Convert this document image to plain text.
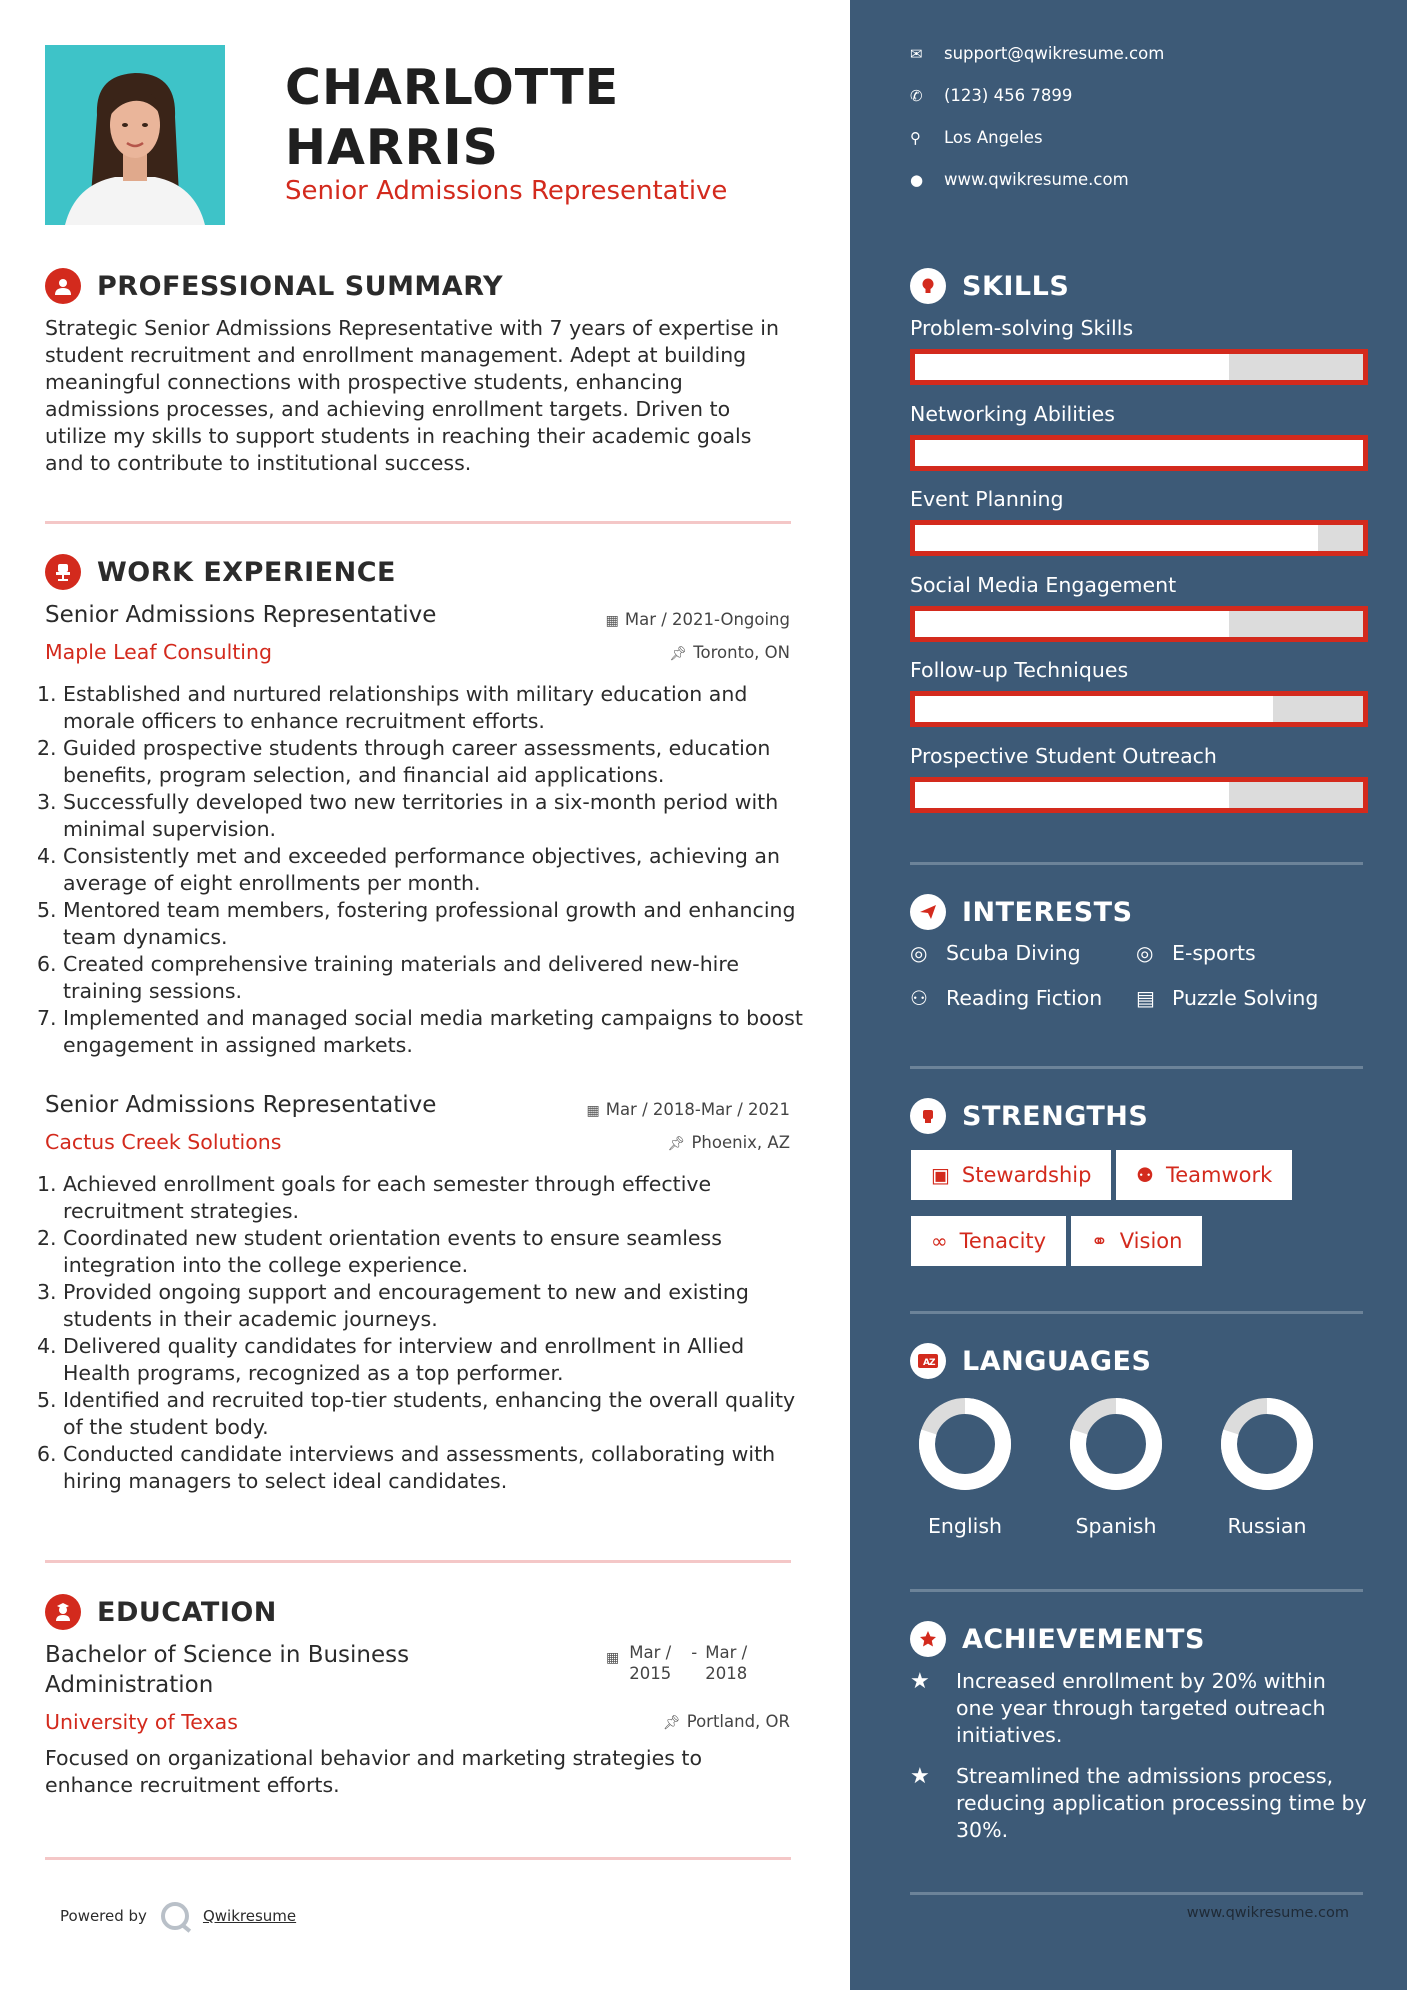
CHARLOTTE
HARRIS
Senior Admissions Representative
PROFESSIONAL SUMMARY
Strategic Senior Admissions Representative with 7 years of expertise in student recruitment and enrollment management. Adept at building meaningful connections with prospective students, enhancing admissions processes, and achieving enrollment targets. Driven to utilize my skills to support students in reaching their academic goals and to contribute to institutional success.
WORK EXPERIENCE
Senior Admissions Representative	▦ Mar / 2021-Ongoing
Maple Leaf Consulting	📌︎ Toronto, ON
1. Established and nurtured relationships with military education and morale officers to enhance recruitment efforts.
2. Guided prospective students through career assessments, education benefits, program selection, and financial aid applications.
3. Successfully developed two new territories in a six-month period with minimal supervision.
4. Consistently met and exceeded performance objectives, achieving an average of eight enrollments per month.
5. Mentored team members, fostering professional growth and enhancing team dynamics.
6. Created comprehensive training materials and delivered new-hire training sessions.
7. Implemented and managed social media marketing campaigns to boost engagement in assigned markets.
Senior Admissions Representative	▦ Mar / 2018-Mar / 2021
Cactus Creek Solutions	📌︎ Phoenix, AZ
1. Achieved enrollment goals for each semester through effective recruitment strategies.
2. Coordinated new student orientation events to ensure seamless integration into the college experience.
3. Provided ongoing support and encouragement to new and existing students in their academic journeys.
4. Delivered quality candidates for interview and enrollment in Allied Health programs, recognized as a top performer.
5. Identified and recruited top-tier students, enhancing the overall quality of the student body.
6. Conducted candidate interviews and assessments, collaborating with hiring managers to select ideal candidates.
EDUCATION
Bachelor of Science in Business Administration
▦ Mar / 2015
- Mar / 2018
University of Texas	📌︎ Portland, OR
Focused on organizational behavior and marketing strategies to enhance recruitment efforts.
Powered by	Qwikresume
✉	support@qwikresume.com
✆	(123) 456 7899
⚲	Los Angeles
●	www.qwikresume.com
SKILLS
INTERESTS
◎ Scuba Diving	◎ E-sports
⚇ Reading Fiction ▤ Puzzle Solving
STRENGTHS
▣ Stewardship ⚉ Teamwork
∞ Tenacity ⚭ Vision
A Z LANGUAGES
ACHIEVEMENTS
★	Increased enrollment by 20% within one year through targeted outreach initiatives.
★	Streamlined the admissions process, reducing application processing time by 30%.
www.qwikresume.com
Problem-solving Skills
Networking Abilities
Event Planning
Social Media Engagement
Follow-up Techniques
Prospective Student Outreach
English	Spanish	Russian
